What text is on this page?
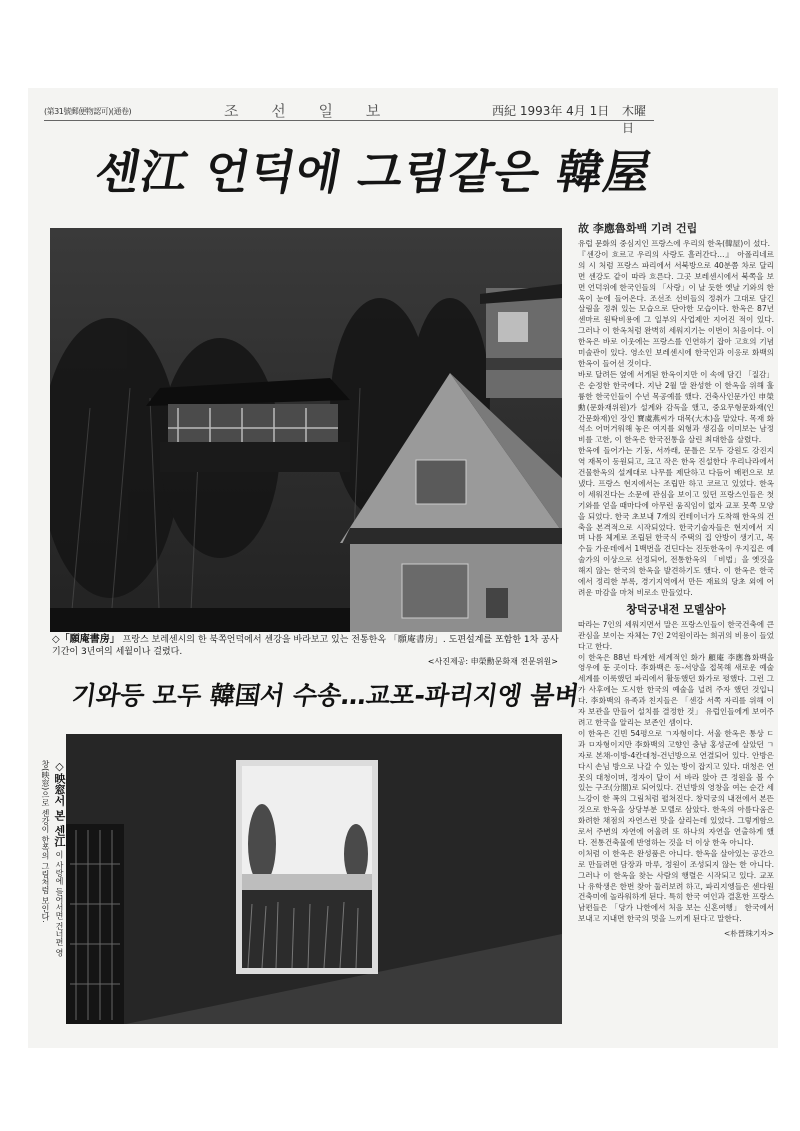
(第31號郵便物認可)(通卷)	조 선 일 보	西紀 1993年 4月 1日 木曜日
센江 언덕에 그림같은 韓屋
◇「願庵書房」 프랑스 보레센시의 한 북쪽언덕에서 센강을 바라보고 있는 전통한옥 「願庵書房」. 도편설계를 포함한 1차 공사기간이 3년여의 세월이나 걸렸다.
<사진제공: 申榮勳문화재 전문위원>
기와등 모두 韓国서 수송…교포-파리지엥 붐벼
◇映窓서 본 센江 이 사랑에 들어서면 건너편 영창(映窓)으로 센강이 한폭의 그림처럼 보인다.
故 李應魯화백 기려 건립

유럽 문화의 중심지인 프랑스에 우리의 한옥(韓屋)이 섰다.

『센강이 흐르고 우리의 사랑도 흘러간다…』 아폴리네르의 시 처럼 프랑스 파리에서 서북방으로 40분쯤 차로 달리면 센강도 같이 따라 흐른다. 그곳 보레센시에서 북쪽을 보면 언덕위에 한국인들의 「사랑」이 날 듯한 옛날 기와의 한옥이 눈에 들어온다. 조선조 선비들의 정취가 그대로 담긴 살림을 정취 있는 모습으로 단아한 모습이다. 한옥은 87년 센마르 원탁비용에 그 일부의 사업제안 지어진 적이 있다. 그러나 이 한옥처럼 완벽히 세워지기는 이번이 처음이다. 이 한옥은 바로 이웃에는 프랑스를 인연하기 잡아 고흐의 기념미술관이 있다. 영소인 보레센시에 한국인과 이응로 화백의 한옥이 들어선 것이다.

바로 달려든 옆에 서게된 한옥이지만 이 속에 담긴 「질감」은 순정한 한국에다. 지난 2월 말 완성한 이 한옥을 위해 훌륭한 한국인들이 수년 목공예를 했다. 건축사인문가인 申榮勳(문화재위원)가 설계와 감독을 했고, 중요무형문화재(인간문화재)인 장인 寶虞燕씨가 대목(大木)을 맡았다. 목재 화석소 어머거워해 놓은 여지를 외형과 생김을 이미보는 남정비를 고한, 이 한옥은 한국전통을 살린 최대한을 살렸다.

한옥에 들어가는 기둥, 서까래, 문틀은 모두 강원도 강진지역 재목이 동원되고, 크고 작은 한옥 진설한다 우리나라에서 건물한옥의 설계대로 나무를 제단하고 다듬어 배편으로 보냈다. 프랑스 현지에서는 조립만 하고 코르고 있었다. 한옥이 세워진다는 소문에 관심을 보이고 있던 프랑스인들은 첫 기와를 얻을 때마다에 아무런 움직임이 없자 교포 못쪽 모양을 되었다. 한국 초보내 7개의 컨테이너가 도착해 한옥의 건축을 본격적으로 시작되었다. 한국기술자들은 현지에서 지며 나름 체계로 조립된 한국식 주택의 집 안방이 생기고, 목수들 가운데에서 1백번을 견딘다는 진돗한옥이 우지집은 예술가의 이상으로 선정되어, 전통한옥의 「비법」을 옛것을 해지 않는 한국의 한옥을 발견하기도 했다. 이 한옥은 한국에서 정리한 부록, 경기지역에서 만든 재료의 당초 외에 어려운 마감을 마쳐 비로소 만들었다.

창덕궁내전 모델삼아

따라는 7인의 세워지면서 말은 프랑스인들이 한국건축에 큰 관심을 보이는 자체는 7인 2억원이라는 희귀의 비용이 들었다고 한다.

이 한옥은 88년 타계한 세계적인 화가 顧庵 李應魯화백을 영우에 둔 곳이다. 李화백은 동-서양을 접목해 새로운 예술세계를 이룩했던 파리에서 활동했던 화가로 평했다. 그런 그가 사후에는 도시한 한국의 예술을 널려 주자 했던 것입니다. 李화백의 유족과 친지들은 「센강 서쪽 자리를 위해 이자 보관을 만들어 설치를 결정한 것」 유럽인들에게 보여주려고 한국을 알리는 보존인 셈이다.

이 한옥은 긴빈 54평으로 ㄱ자형이다. 서울 한옥은 통상 ㄷ과 ㅁ자형이지만 李화백의 고향인 충남 홍성군에 살았던 ㄱ자로 본채-이방-4칸대청-건넌방으로 연결되어 있다. 안방은 다시 손님 방으로 나갈 수 있는 방이 잡지고 있다. 대청은 연못의 대청이며, 정자이 달이 서 바라 앉아 큰 정원을 볼 수 있는 구조(分閤)로 되어있다. 건넌방의 영창을 여는 순간 세느강이 한 폭의 그림처럼 펼쳐진다. 창덕궁의 내전에서 본뜬 것으로 한옥을 상당부분 모델로 삼았다. 한옥의 아름다움은 화려한 채점의 자연스런 맛을 살리는데 있었다. 그렇게함으로서 주변의 자연에 어울려 또 하나의 자연을 연출하게 했다. 전통건축물에 반영하는 것을 더 이상 한옥 아니다.

이처럼 이 한옥은 완성품은 아니다. 한옥을 살아있는 공간으로 만들려면 담장과 마루, 정원이 조성되지 않는 한 아니다. 그러나 이 한옥을 찾는 사람의 행렬은 시작되고 있다. 교포나 유학생은 한번 찾아 둘러보려 하고, 파리지엥들은 센다원 건축미에 놀라워하게 된다. 특히 한국 여인과 결혼한 프랑스 남편들은 「당가 나한에서 처음 보는 신혼여행」 한국에서 보내고 지내면 한국의 멋을 느끼게 된다고 말한다.

<朴晉珠기자>
